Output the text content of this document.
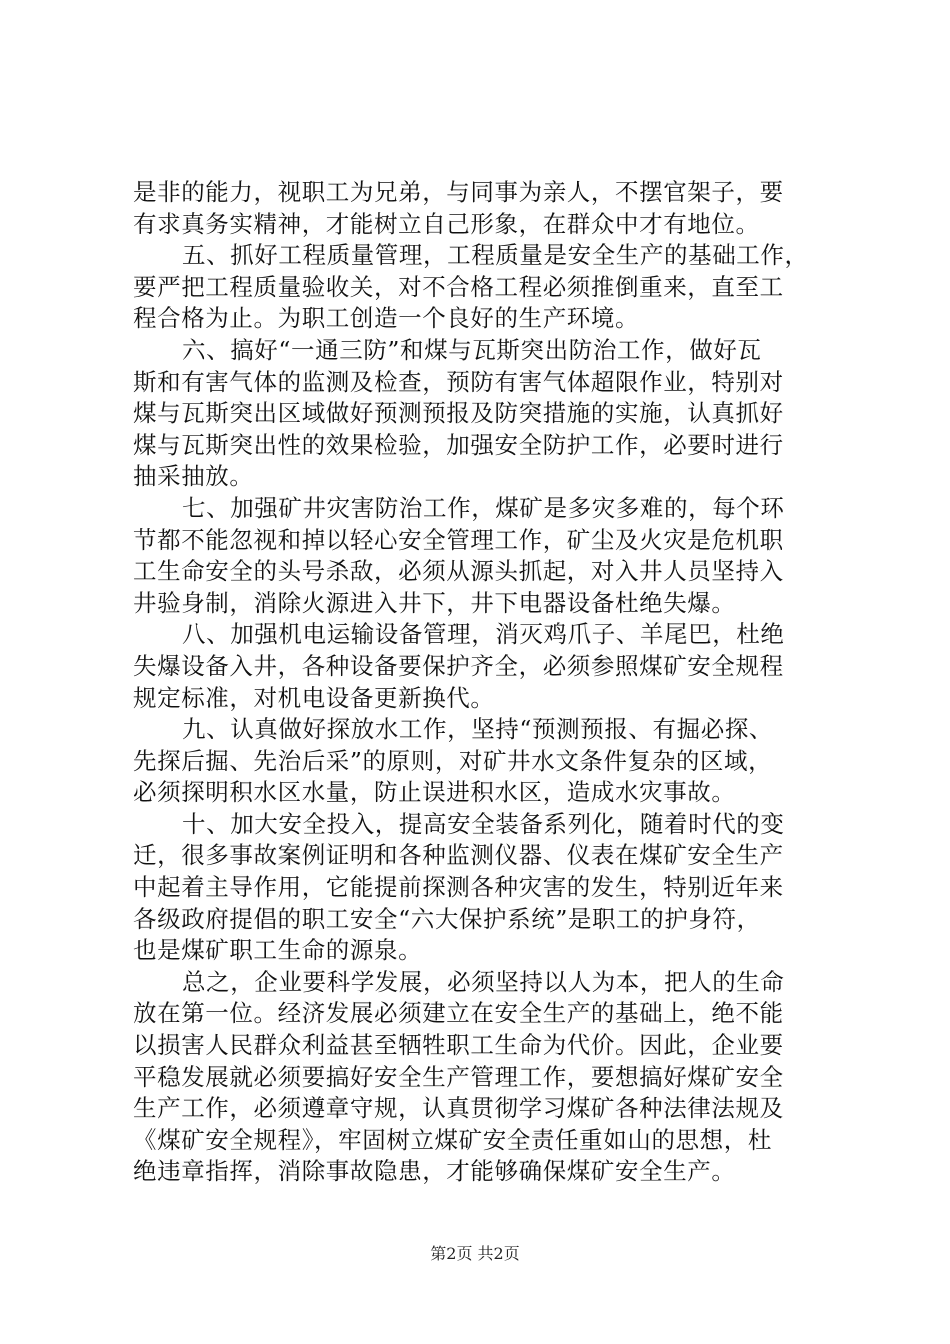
是非的能力，视职工为兄弟，与同事为亲人，不摆官架子，要
有求真务实精神，才能树立自己形象，在群众中才有地位。
五、抓好工程质量管理，工程质量是安全生产的基础工作，
要严把工程质量验收关，对不合格工程必须推倒重来，直至工
程合格为止。为职工创造一个良好的生产环境。
六、搞好“一通三防”和煤与瓦斯突出防治工作，做好瓦
斯和有害气体的监测及检查，预防有害气体超限作业，特别对
煤与瓦斯突出区域做好预测预报及防突措施的实施，认真抓好
煤与瓦斯突出性的效果检验，加强安全防护工作，必要时进行
抽采抽放。
七、加强矿井灾害防治工作，煤矿是多灾多难的，每个环
节都不能忽视和掉以轻心安全管理工作，矿尘及火灾是危机职
工生命安全的头号杀敌，必须从源头抓起，对入井人员坚持入
井验身制，消除火源进入井下，井下电器设备杜绝失爆。
八、加强机电运输设备管理，消灭鸡爪子、羊尾巴，杜绝
失爆设备入井，各种设备要保护齐全，必须参照煤矿安全规程
规定标准，对机电设备更新换代。
九、认真做好探放水工作，坚持“预测预报、有掘必探、
先探后掘、先治后采”的原则，对矿井水文条件复杂的区域，
必须探明积水区水量，防止误进积水区，造成水灾事故。
十、加大安全投入，提高安全装备系列化，随着时代的变
迁，很多事故案例证明和各种监测仪器、仪表在煤矿安全生产
中起着主导作用，它能提前探测各种灾害的发生，特别近年来
各级政府提倡的职工安全“六大保护系统”是职工的护身符，
也是煤矿职工生命的源泉。
总之，企业要科学发展，必须坚持以人为本，把人的生命
放在第一位。经济发展必须建立在安全生产的基础上，绝不能
以损害人民群众利益甚至牺牲职工生命为代价。因此，企业要
平稳发展就必须要搞好安全生产管理工作，要想搞好煤矿安全
生产工作，必须遵章守规，认真贯彻学习煤矿各种法律法规及
《煤矿安全规程》，牢固树立煤矿安全责任重如山的思想，杜
绝违章指挥，消除事故隐患，才能够确保煤矿安全生产。
第2页 共2页
